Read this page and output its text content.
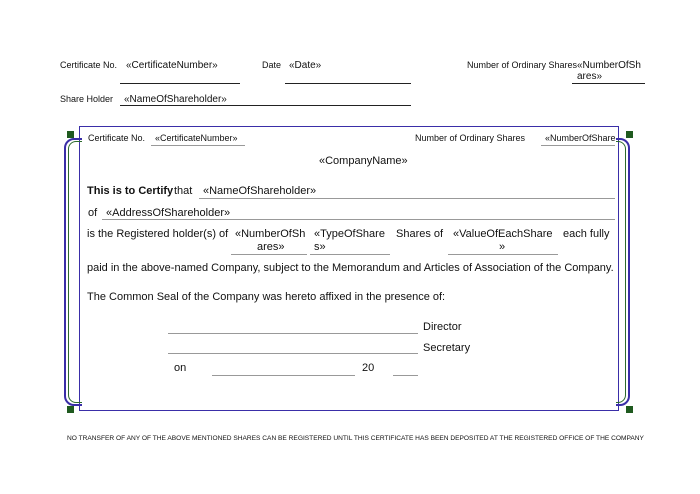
Certificate No. «CertificateNumber»	Date «Date»	Number of Ordinary Shares «NumberOfSh
ares»
Share Holder «NameOfShareholder»
Certificate No. «CertificateNumber»	Number of Ordinary Shares «NumberOfShare
«CompanyName»
This is to Certify that «NameOfShareholder»
of «AddressOfShareholder»
is the Registered holder(s) of «NumberOfSh
ares»
«TypeOfShare
s»
Shares of «ValueOfEachShare
»
each fully
paid in the above-named Company, subject to the Memorandum and Articles of Association of the Company.
The Common Seal of the Company was hereto affixed in the presence of:
Director
Secretary
on	20
NO TRANSFER OF ANY OF THE ABOVE MENTIONED SHARES CAN BE REGISTERED UNTIL THIS CERTIFICATE HAS BEEN DEPOSITED AT THE REGISTERED OFFICE OF THE COMPANY
